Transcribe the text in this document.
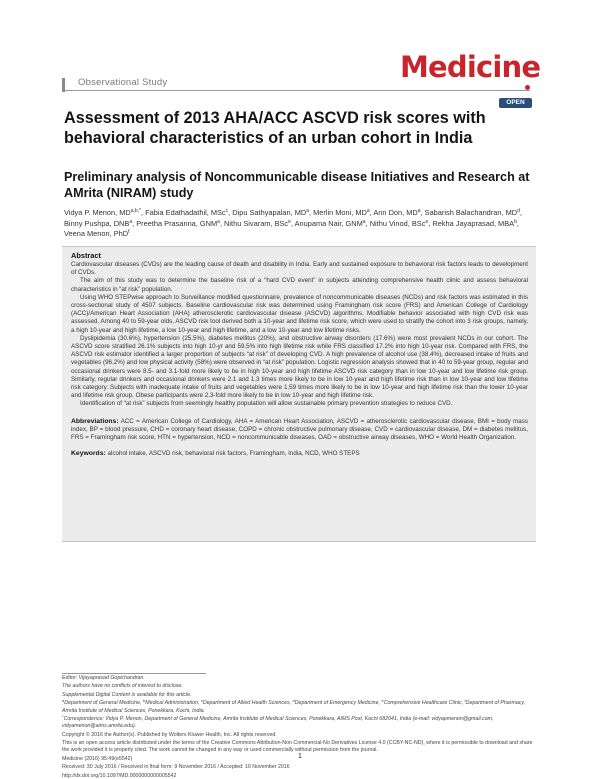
Observational Study	Medicine
OPEN
Assessment of 2013 AHA/ACC ASCVD risk scores with behavioral characteristics of an urban cohort in India
Preliminary analysis of Noncommunicable disease Initiatives and Research at AMrita (NIRAM) study
Vidya P. Menon, $MD^{a,b,*}$, Fabia Edathadathil, MSc$^c$, Dipu Sathyapalan, $MD^a$, Merlin Moni, $MD^a$, Ann Don, $MD^a$, Sabarish Balachandran, $MD^d$, Binny Pushpa, DNB$^a$, Preetha Prasanna, GNM$^a$, Nithu Sivaram, BSc$^e$, Anupama Nair, GNM$^a$, Nithu Vinod, BSc$^e$, Rekha Jayaprasad, MBA$^b$, Veena Menon, PhD$^f$
Abstract

Cardiovascular diseases (CVDs) are the leading cause of death and disability in India. Early and sustained exposure to behavioral risk factors leads to development of CVDs.

The aim of this study was to determine the baseline risk of a “hard CVD event” in subjects attending comprehensive health clinic and assess behavioral characteristics in “at risk” population.

Using WHO STEPwise approach to Surveillance modified questionnaire, prevalence of noncommunicable diseases (NCDs) and risk factors was estimated in this cross-sectional study of 4507 subjects. Baseline cardiovascular risk was determined using Framingham risk score (FRS) and American College of Cardiology (ACC)/American Heart Association (AHA) atherosclerotic cardiovascular disease (ASCVD) algorithms. Modifiable behavior associated with high CVD risk was assessed. Among 40 to 59-year olds, ASCVD risk tool derived both a 10-year and lifetime risk score, which were used to stratify the cohort into 3 risk groups, namely, a high 10-year and high lifetime, a low 10-year and high lifetime, and a low 10-year and low lifetime risks.

Dyslipidemia (30.6%), hypertension (25.5%), diabetes mellitus (20%), and obstructive airway disorders (17.6%) were most prevalent NCDs in our cohort. The ASCVD score stratified 26.1% subjects into high 10-yr and 59.5% into high lifetime risk while FRS classified 17.2% into high 10-year risk. Compared with FRS, the ASCVD risk estimator identified a larger proportion of subjects “at risk” of developing CVD. A high prevalence of alcohol use (38.4%), decreased intake of fruits and vegetables (96.2%) and low physical activity (58%) were observed in “at risk” population. Logistic regression analysis showed that in 40 to 59-year group, regular and occasional drinkers were 8.5- and 3.1-fold more likely to be in high 10-year and high lifetime ASCVD risk category than in low 10-year and low lifetime risk group. Similarly, regular drinkers and occasional drinkers were 2.1 and 1.3 times more likely to be in low 10-year and high lifetime risk than in low 10-year and low lifetime risk category. Subjects with inadequate intake of fruits and vegetables were 1.59 times more likely to be in low 10-year and high lifetime risk than the lower 10-year and lifetime risk group. Obese participants were 2.3-fold more likely to be in low 10-year and high lifetime risk.

Identification of “at risk” subjects from seemingly healthy population will allow sustainable primary prevention strategies to reduce CVD.

Abbreviations: ACC = American College of Cardiology, AHA = American Heart Association, ASCVD = atherosclerotic cardiovascular disease, BMI = body mass index, BP = blood pressure, CHD = coronary heart disease, COPD = chronic obstructive pulmonary disease, CVD = cardiovascular disease, DM = diabetes mellitus, FRS = Framingham risk score, HTN = hypertension, NCD = noncommunicable diseases, OAD = obstructive airway diseases, WHO = World Health Organization.
Keywords: alcohol intake, ASCVD risk, behavioral risk factors, Framingham, India, NCD, WHO STEPS
Editor: Vijayaprasad Gopichandran.
The authors have no conflicts of interest to disclose.
Supplemental Digital Content is available for this article.
$^a$Department of General Medicine, $^b$Medical Administration, $^c$Department of Allied Health Sciences, $^d$Department of Emergency Medicine, $^e$Comprehensive Healthcare Clinic, $^f$Department of Pharmacy, Amrita Institute of Medical Sciences, Ponekkara, Kochi, India.
*Correspondence: Vidya P. Menon, Department of General Medicine, Amrita Institute of Medical Sciences, Ponekkara, AIMS Post, Kochi 682041, India (e-mail: vidyapmenon@gmail.com, vidyamenon@aims.amrita.edu).
Copyright © 2016 the Author(s). Published by Wolters Kluwer Health, Inc. All rights reserved.
This is an open access article distributed under the terms of the Creative Commons Attribution-Non Commercial-No Derivatives License 4.0 (CCBY-NC-ND), where it is permissible to download and share the work provided it is properly cited. The work cannot be changed in any way or used commercially without permission from the journal.
Medicine (2016) 95:49(e5542)
Received: 30 July 2016 / Received in final form: 9 November 2016 / Accepted: 10 November 2016
http://dx.doi.org/10.1097/MD.0000000000005542
1
